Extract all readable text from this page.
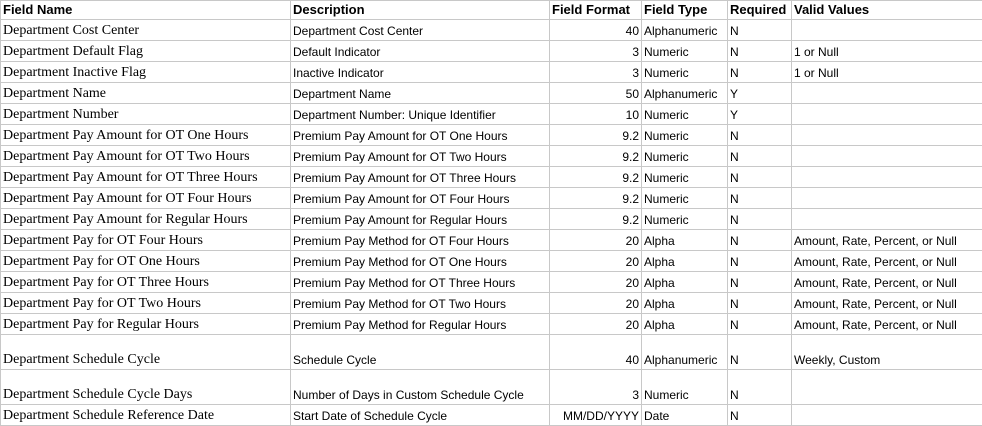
Field Name	Description	Field Format	Field Type	Required	Valid Values
Department Cost Center	Department Cost Center	40	Alphanumeric	N	
Department Default Flag	Default Indicator	3	Numeric	N	1 or Null
Department Inactive Flag	Inactive Indicator	3	Numeric	N	1 or Null
Department Name	Department Name	50	Alphanumeric	Y	
Department Number	Department Number: Unique Identifier	10	Numeric	Y	
Department Pay Amount for OT One Hours	Premium Pay Amount for OT One Hours	9.2	Numeric	N	
Department Pay Amount for OT Two Hours	Premium Pay Amount for OT Two Hours	9.2	Numeric	N	
Department Pay Amount for OT Three Hours	Premium Pay Amount for OT Three Hours	9.2	Numeric	N	
Department Pay Amount for OT Four Hours	Premium Pay Amount for OT Four Hours	9.2	Numeric	N	
Department Pay Amount for Regular Hours	Premium Pay Amount for Regular Hours	9.2	Numeric	N	
Department Pay for OT Four Hours	Premium Pay Method for OT Four Hours	20	Alpha	N	Amount, Rate, Percent, or Null
Department Pay for OT One Hours	Premium Pay Method for OT One Hours	20	Alpha	N	Amount, Rate, Percent, or Null
Department Pay for OT Three Hours	Premium Pay Method for OT Three Hours	20	Alpha	N	Amount, Rate, Percent, or Null
Department Pay for OT Two Hours	Premium Pay Method for OT Two Hours	20	Alpha	N	Amount, Rate, Percent, or Null
Department Pay for Regular Hours	Premium Pay Method for Regular Hours	20	Alpha	N	Amount, Rate, Percent, or Null
Department Schedule Cycle	Schedule Cycle	40	Alphanumeric	N	Weekly, Custom
Department Schedule Cycle Days	Number of Days in Custom Schedule Cycle	3	Numeric	N	
Department Schedule Reference Date	Start Date of Schedule Cycle	MM/DD/YYYY	Date	N	
